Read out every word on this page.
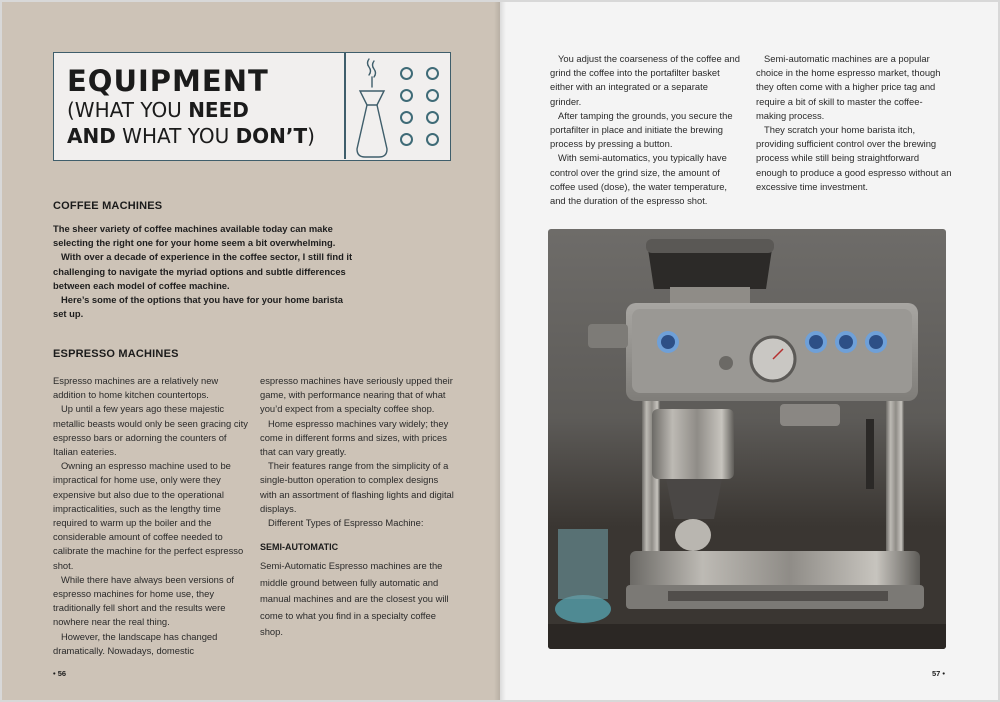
EQUIPMENT
(WHAT YOU NEED
AND WHAT YOU DON’T)
COFFEE MACHINES

The sheer variety of coffee machines available today can make selecting the right one for your home seem a bit overwhelming.

With over a decade of experience in the coffee sector, I still find it challenging to navigate the myriad options and subtle differences between each model of coffee machine.

Here’s some of the options that you have for your home barista set up.

ESPRESSO MACHINES

Espresso machines are a relatively new addition to home kitchen countertops.

Up until a few years ago these majestic metallic beasts would only be seen gracing city espresso bars or adorning the counters of Italian eateries.

Owning an espresso machine used to be impractical for home use, only were they expensive but also due to the operational impracticalities, such as the lengthy time required to warm up the boiler and the considerable amount of coffee needed to calibrate the machine for the perfect espresso shot.

While there have always been versions of espresso machines for home use, they traditionally fell short and the results were nowhere near the real thing.

However, the landscape has changed dramatically. Nowadays, domestic

espresso machines have seriously upped their game, with performance nearing that of what you’d expect from a specialty coffee shop.

Home espresso machines vary widely; they come in different forms and sizes, with prices that can vary greatly.

Their features range from the simplicity of a single-button operation to complex designs with an assortment of flashing lights and digital displays.

Different Types of Espresso Machine:

SEMI-AUTOMATIC

Semi-Automatic Espresso machines are the middle ground between fully automatic and manual machines and are the closest you will come to what you find in a specialty coffee shop.

• 56

You adjust the coarseness of the coffee and grind the coffee into the portafilter basket either with an integrated or a separate grinder.

After tamping the grounds, you secure the portafilter in place and initiate the brewing process by pressing a button.

With semi-automatics, you typically have control over the grind size, the amount of coffee used (dose), the water temperature, and the duration of the espresso shot.

Semi-automatic machines are a popular choice in the home espresso market, though they often come with a higher price tag and require a bit of skill to master the coffee-making process.

They scratch your home barista itch, providing sufficient control over the brewing process while still being straightforward enough to produce a good espresso without an excessive time investment.

57 •
